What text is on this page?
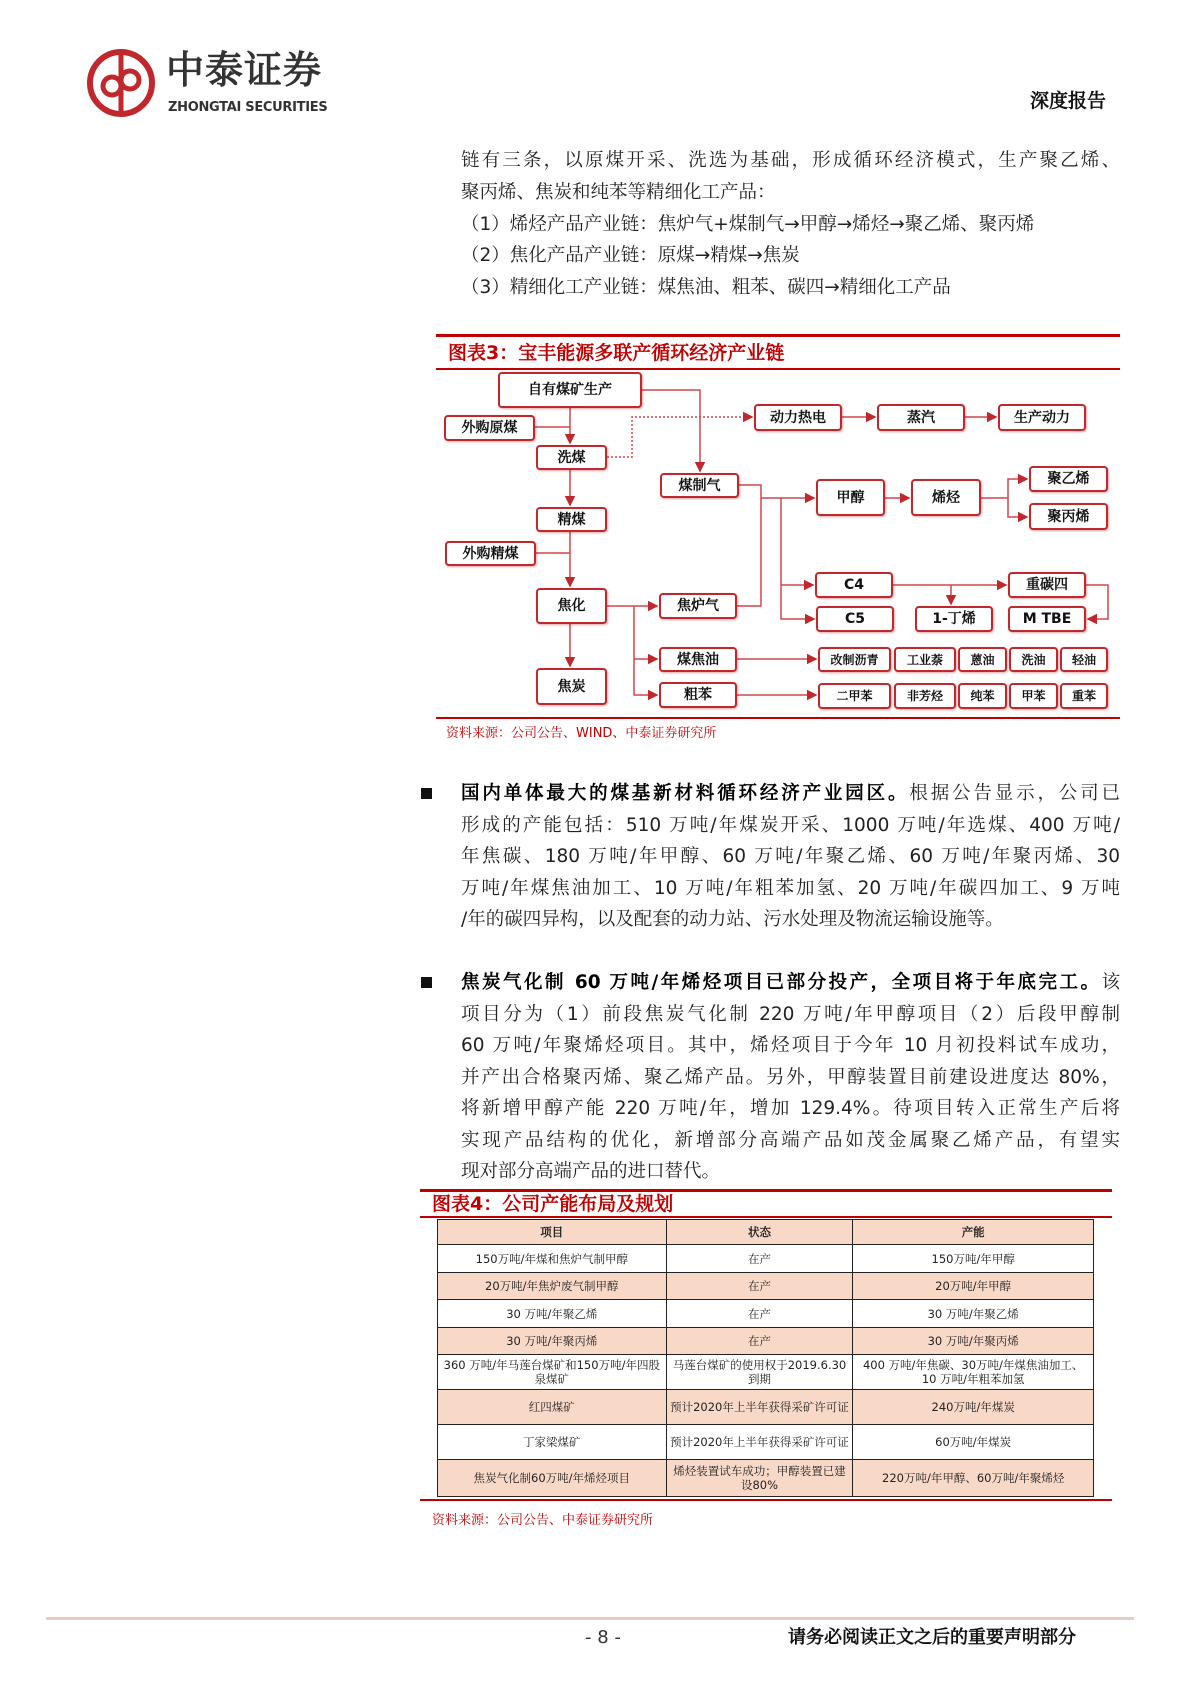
中泰证券
ZHONGTAI SECURITIES	深度报告
链有三条，以原煤开采、洗选为基础，形成循环经济模式，生产聚乙烯、
聚丙烯、焦炭和纯苯等精细化工产品：
（1）烯烃产品产业链：焦炉气+煤制气→甲醇→烯烃→聚乙烯、聚丙烯
（2）焦化产品产业链：原煤→精煤→焦炭
（3）精细化工产业链：煤焦油、粗苯、碳四→精细化工产品
图表3：宝丰能源多联产循环经济产业链
自有煤矿生产
外购原煤
洗煤
精煤
外购精煤
焦化
焦炭
煤制气
焦炉气
煤焦油
粗苯
动力热电	蒸汽	生产动力
甲醇	烯烃
聚乙烯
聚丙烯
C4
C5	1-丁烯
重碳四
M TBE
改制沥青	工业萘	蒽油	洗油	轻油
二甲苯	非芳烃	纯苯	甲苯	重苯
资料来源：公司公告、WIND、中泰证券研究所
国内单体最大的煤基新材料循环经济产业园区。根据公告显示，公司已
形成的产能包括：510 万吨/年煤炭开采、1000 万吨/年选煤、400 万吨/
年焦碳、180 万吨/年甲醇、60 万吨/年聚乙烯、60 万吨/年聚丙烯、30
万吨/年煤焦油加工、10 万吨/年粗苯加氢、20 万吨/年碳四加工、9 万吨
/年的碳四异构，以及配套的动力站、污水处理及物流运输设施等。
焦炭气化制 60 万吨/年烯烃项目已部分投产，全项目将于年底完工。该
项目分为（1）前段焦炭气化制 220 万吨/年甲醇项目（2）后段甲醇制
60 万吨/年聚烯烃项目。其中，烯烃项目于今年 10 月初投料试车成功，
并产出合格聚丙烯、聚乙烯产品。另外，甲醇装置目前建设进度达 80%，
将新增甲醇产能 220 万吨/年，增加 129.4%。待项目转入正常生产后将
实现产品结构的优化，新增部分高端产品如茂金属聚乙烯产品，有望实
现对部分高端产品的进口替代。
图表4：公司产能布局及规划
项目	状态	产能
150万吨/年煤和焦炉气制甲醇	在产	150万吨/年甲醇
20万吨/年焦炉废气制甲醇	在产	20万吨/年甲醇
30 万吨/年聚乙烯	在产	30 万吨/年聚乙烯
30 万吨/年聚丙烯	在产	30 万吨/年聚丙烯
360 万吨/年马莲台煤矿和150万吨/年四股泉煤矿	马莲台煤矿的使用权于2019.6.30到期	400 万吨/年焦碳、30万吨/年煤焦油加工、10 万吨/年粗苯加氢
红四煤矿	预计2020年上半年获得采矿许可证	240万吨/年煤炭
丁家梁煤矿	预计2020年上半年获得采矿许可证	60万吨/年煤炭
焦炭气化制60万吨/年烯烃项目	烯烃装置试车成功；甲醇装置已建设80%	220万吨/年甲醇、60万吨/年聚烯烃
资料来源：公司公告、中泰证券研究所
- 8 -	请务必阅读正文之后的重要声明部分
